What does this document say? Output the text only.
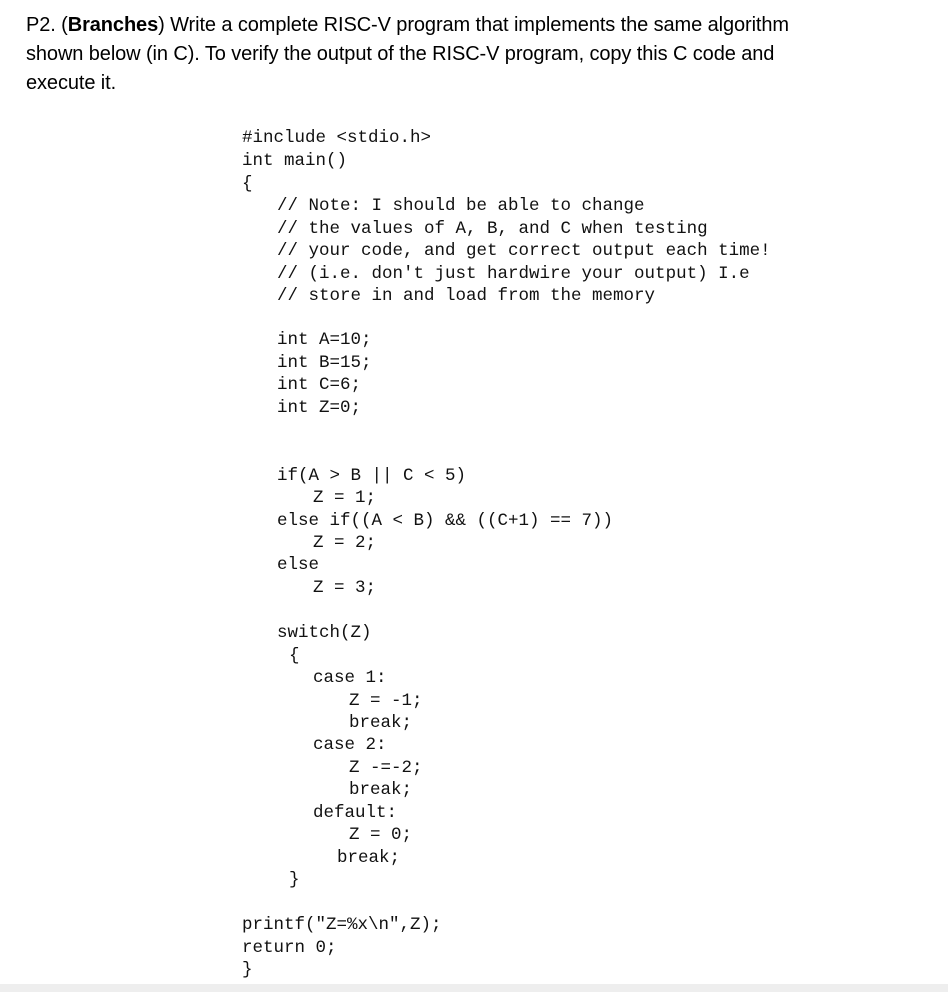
P2. (Branches) Write a complete RISC-V program that implements the same algorithm
shown below (in C). To verify the output of the RISC-V program, copy this C code and
execute it.
#include <stdio.h>
int main()
{
// Note: I should be able to change
// the values of A, B, and C when testing
// your code, and get correct output each time!
// (i.e. don't just hardwire your output) I.e
// store in and load from the memory
int A=10;
int B=15;
int C=6;
int Z=0;
if(A > B || C < 5)
Z = 1;
else if((A < B) && ((C+1) == 7))
Z = 2;
else
Z = 3;
switch(Z)
{
case 1:
Z = -1;
break;
case 2:
Z -=-2;
break;
default:
Z = 0;
break;
}
printf("Z=%x\n",Z);
return 0;
}
